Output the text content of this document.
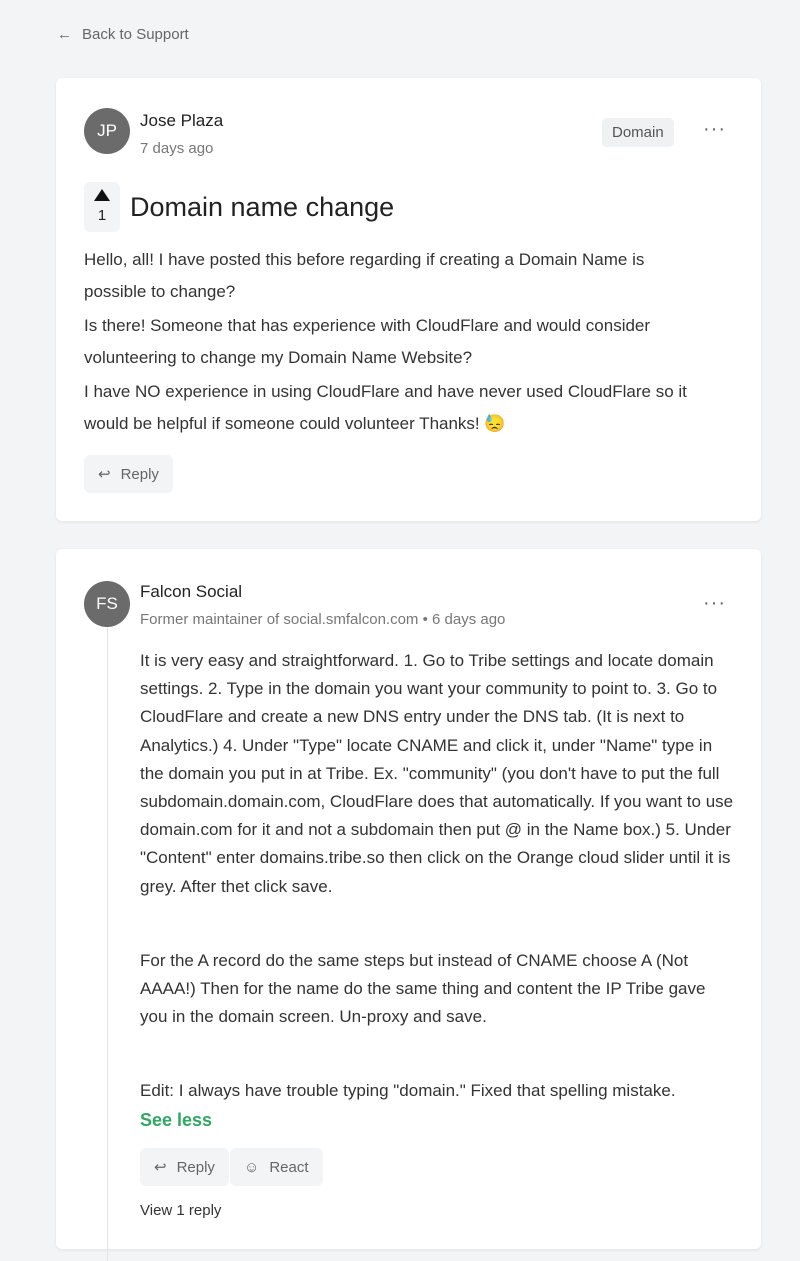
← Back to Support
JP
Jose Plaza
7 days ago
Domain	···
1 Domain name change

Hello, all! I have posted this before regarding if creating a Domain Name is possible to change?

Is there! Someone that has experience with CloudFlare and would consider volunteering to change my Domain Name Website?

I have NO experience in using CloudFlare and have never used CloudFlare so it would be helpful if someone could volunteer Thanks! 😓

↩ Reply
FS
Falcon Social
Former maintainer of social.smfalcon.com • 6 days ago
···

It is very easy and straightforward. 1. Go to Tribe settings and locate domain settings. 2. Type in the domain you want your community to point to. 3. Go to CloudFlare and create a new DNS entry under the DNS tab. (It is next to Analytics.) 4. Under "Type" locate CNAME and click it, under "Name" type in the domain you put in at Tribe. Ex. "community" (you don't have to put the full subdomain.domain.com, CloudFlare does that automatically. If you want to use domain.com for it and not a subdomain then put @ in the Name box.) 5. Under "Content" enter domains.tribe.so then click on the Orange cloud slider until it is grey. After thet click save.

For the A record do the same steps but instead of CNAME choose A (Not AAAA!) Then for the name do the same thing and content the IP Tribe gave you in the domain screen. Un-proxy and save.

Edit: I always have trouble typing "domain." Fixed that spelling mistake.

See less
↩ Reply ☺ React
View 1 reply
